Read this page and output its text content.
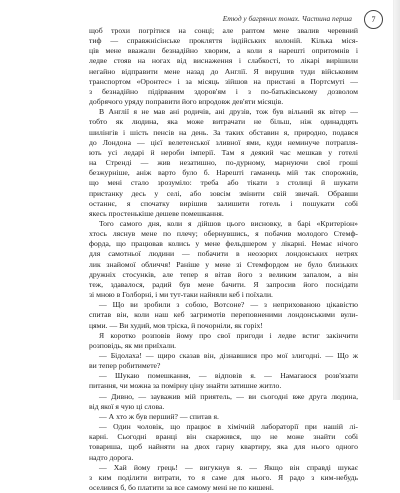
Етюд у багряних тонах. Частина перша	7
щоб трохи погрітися на сонці; але раптом мене звалив черевний
тиф — справжнісінське прокляття індійських колоній. Кілька міся-
ців мене вважали безнадійно хворим, а коли я нарешті опритомнів і
ледве стояв на ногах від виснаження і слабкості, то лікарі вирішили
негайно відправити мене назад до Англії. Я вирушив туди військовим
транспортом «Оронтес» і за місяць зійшов на пристані в Портсмуті —
з безнадійно підірваним здоров'ям і з по-батьківському дозволом
добрячого уряду поправити його впродовж дев'яти місяців.
В Англії я не мав ані родичів, ані друзів, тож був вільний як вітер —
тобто як людина, яка може витрачати не більш, ніж одинадцять
шилінгів і шість пенсів на день. За таких обставин я, природно, подався
до Лондона — цієї велетенської зливної ями, куди неминуче потрапля-
ють усі ледарі й нероби імперії. Там я деякий час мешкав у готелі
на Стренді — жив незатишно, по-дурному, марнуючи свої гроші
безжурніше, аніж варто було б. Нарешті гаманець мій так спорожнів,
що мені стало зрозуміло: треба або тікати з столиці й шукати
пристанку десь у селі, або зовсім змінити свій звичай. Обравши
останнє, я спочатку вирішив залишити готель і пошукати собі
якесь простенькіше дешеве помешкання.
Того самого дня, коли я дійшов цього висновку, в барі «Критеріон»
хтось ляснув мене по плечу; обернувшись, я побачив молодого Стемф-
форда, що працював колись у мене фельдшером у лікарні. Немає нічого
для самотньої людини — побачити в неозорих лондонських нетрях
лик знайомої обличчя! Раніше у мене зі Стемфордом не було близьких
дружніх стосунків, але тепер я вітав його з великим запалом, а він
теж, здавалося, радий був мене бачити. Я запросив його поснідати
зі мною в Голборні, і ми тут-таки найняли кеб і поїхали.
— Що ви зробили з собою, Вотсоне? — з неприхованою цікавістю
спитав він, коли наш кеб загримотів переповненими лондонськими вули-
цями. — Ви худий, мов тріска, й почорніли, як горіх!
Я коротко розповів йому про свої пригоди і ледве встиг закінчити
розповідь, як ми приїхали.
— Бідолаха! — щиро сказав він, дізнавшися про мої злигодні. — Що ж
ви тепер робитимете?
— Шукаю помешкання, — відповів я. — Намагаюся розв'язати
питання, чи можна за помірну ціну знайти затишне житло.
— Дивно, — зауважив мій приятель, — ви сьогодні вже друга людина,
від якої я чую ці слова.
— А хто ж був перший? — спитав я.
— Один чоловік, що працює в хімічній лабораторії при нашій лі-
карні. Сьогодні вранці він скаржився, що не може знайти собі
товариша, щоб найняти на двох гарну квартиру, яка для нього одного
надто дорога.
— Хай йому грець! — вигукнув я. — Якщо він справді шукає
з ким поділити витрати, то я саме для нього. Я радо з ким-небудь
оселився б, бо платити за все самому мені не по кишені.
